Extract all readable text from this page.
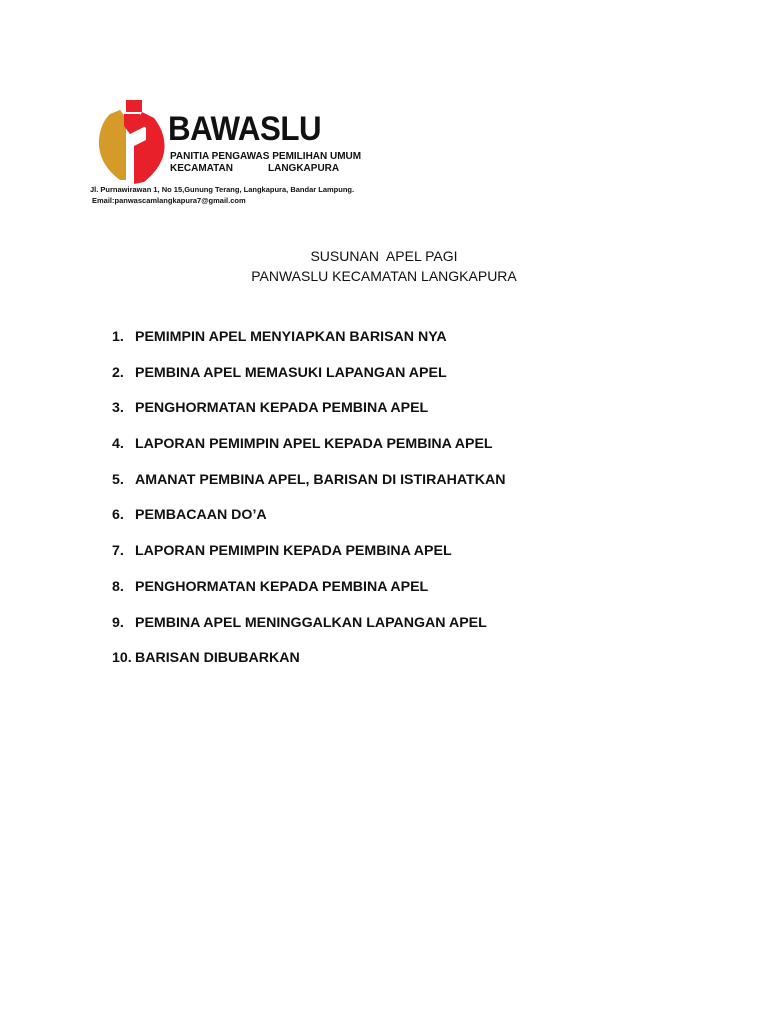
BAWASLU
PANITIA PENGAWAS PEMILIHAN UMUM
KECAMATAN	LANGKAPURA
Jl. Purnawirawan 1, No 15,Gunung Terang, Langkapura, Bandar Lampung.
Email:panwascamlangkapura7@gmail.com
SUSUNAN  APEL PAGI
PANWASLU KECAMATAN LANGKAPURA
1. PEMIMPIN APEL MENYIAPKAN BARISAN NYA
2. PEMBINA APEL MEMASUKI LAPANGAN APEL
3. PENGHORMATAN KEPADA PEMBINA APEL
4. LAPORAN PEMIMPIN APEL KEPADA PEMBINA APEL
5. AMANAT PEMBINA APEL, BARISAN DI ISTIRAHATKAN
6. PEMBACAAN DO’A
7. LAPORAN PEMIMPIN KEPADA PEMBINA APEL
8. PENGHORMATAN KEPADA PEMBINA APEL
9. PEMBINA APEL MENINGGALKAN LAPANGAN APEL
10. BARISAN DIBUBARKAN
